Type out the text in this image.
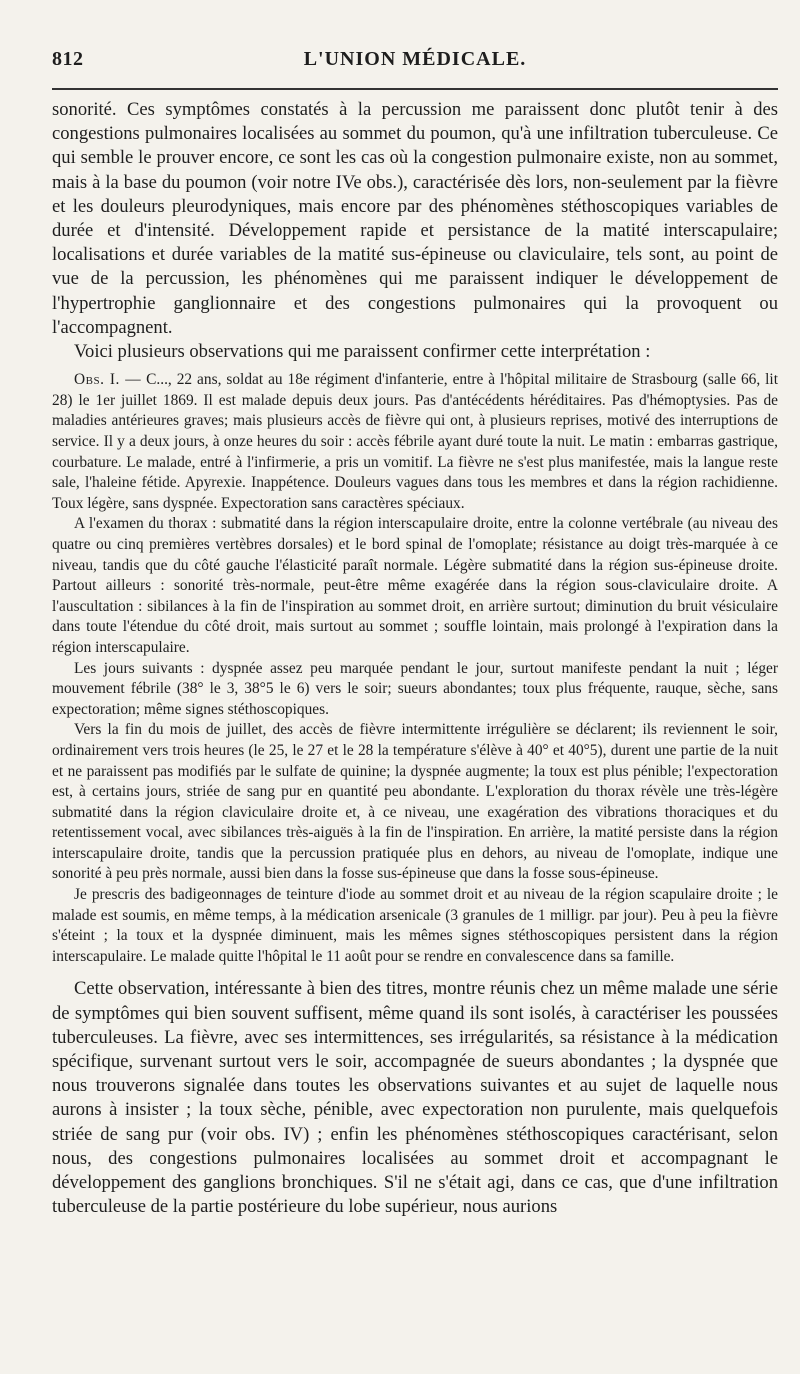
812	L'UNION MÉDICALE.

sonorité. Ces symptômes constatés à la percussion me paraissent donc plutôt tenir à des congestions pulmonaires localisées au sommet du poumon, qu'à une infiltration tuberculeuse. Ce qui semble le prouver encore, ce sont les cas où la congestion pulmonaire existe, non au sommet, mais à la base du poumon (voir notre IVe obs.), caractérisée dès lors, non-seulement par la fièvre et les douleurs pleurodyniques, mais encore par des phénomènes stéthoscopiques variables de durée et d'intensité. Développement rapide et persistance de la matité interscapulaire; localisations et durée variables de la matité sus-épineuse ou claviculaire, tels sont, au point de vue de la percussion, les phénomènes qui me paraissent indiquer le développement de l'hypertrophie ganglionnaire et des congestions pulmonaires qui la provoquent ou l'accompagnent.

Voici plusieurs observations qui me paraissent confirmer cette interprétation :

Obs. I. — C..., 22 ans, soldat au 18e régiment d'infanterie, entre à l'hôpital militaire de Strasbourg (salle 66, lit 28) le 1er juillet 1869. Il est malade depuis deux jours. Pas d'antécédents héréditaires. Pas d'hémoptysies. Pas de maladies antérieures graves; mais plusieurs accès de fièvre qui ont, à plusieurs reprises, motivé des interruptions de service. Il y a deux jours, à onze heures du soir : accès fébrile ayant duré toute la nuit. Le matin : embarras gastrique, courbature. Le malade, entré à l'infirmerie, a pris un vomitif. La fièvre ne s'est plus manifestée, mais la langue reste sale, l'haleine fétide. Apyrexie. Inappétence. Douleurs vagues dans tous les membres et dans la région rachidienne. Toux légère, sans dyspnée. Expectoration sans caractères spéciaux.

A l'examen du thorax : submatité dans la région interscapulaire droite, entre la colonne vertébrale (au niveau des quatre ou cinq premières vertèbres dorsales) et le bord spinal de l'omoplate; résistance au doigt très-marquée à ce niveau, tandis que du côté gauche l'élasticité paraît normale. Légère submatité dans la région sus-épineuse droite. Partout ailleurs : sonorité très-normale, peut-être même exagérée dans la région sous-claviculaire droite. A l'auscultation : sibilances à la fin de l'inspiration au sommet droit, en arrière surtout; diminution du bruit vésiculaire dans toute l'étendue du côté droit, mais surtout au sommet ; souffle lointain, mais prolongé à l'expiration dans la région interscapulaire.

Les jours suivants : dyspnée assez peu marquée pendant le jour, surtout manifeste pendant la nuit ; léger mouvement fébrile (38° le 3, 38°5 le 6) vers le soir; sueurs abondantes; toux plus fréquente, rauque, sèche, sans expectoration; même signes stéthoscopiques.

Vers la fin du mois de juillet, des accès de fièvre intermittente irrégulière se déclarent; ils reviennent le soir, ordinairement vers trois heures (le 25, le 27 et le 28 la température s'élève à 40° et 40°5), durent une partie de la nuit et ne paraissent pas modifiés par le sulfate de quinine; la dyspnée augmente; la toux est plus pénible; l'expectoration est, à certains jours, striée de sang pur en quantité peu abondante. L'exploration du thorax révèle une très-légère submatité dans la région claviculaire droite et, à ce niveau, une exagération des vibrations thoraciques et du retentissement vocal, avec sibilances très-aiguës à la fin de l'inspiration. En arrière, la matité persiste dans la région interscapulaire droite, tandis que la percussion pratiquée plus en dehors, au niveau de l'omoplate, indique une sonorité à peu près normale, aussi bien dans la fosse sus-épineuse que dans la fosse sous-épineuse.

Je prescris des badigeonnages de teinture d'iode au sommet droit et au niveau de la région scapulaire droite ; le malade est soumis, en même temps, à la médication arsenicale (3 granules de 1 milligr. par jour). Peu à peu la fièvre s'éteint ; la toux et la dyspnée diminuent, mais les mêmes signes stéthoscopiques persistent dans la région interscapulaire. Le malade quitte l'hôpital le 11 août pour se rendre en convalescence dans sa famille.

Cette observation, intéressante à bien des titres, montre réunis chez un même malade une série de symptômes qui bien souvent suffisent, même quand ils sont isolés, à caractériser les poussées tuberculeuses. La fièvre, avec ses intermittences, ses irrégularités, sa résistance à la médication spécifique, survenant surtout vers le soir, accompagnée de sueurs abondantes ; la dyspnée que nous trouverons signalée dans toutes les observations suivantes et au sujet de laquelle nous aurons à insister ; la toux sèche, pénible, avec expectoration non purulente, mais quelquefois striée de sang pur (voir obs. IV) ; enfin les phénomènes stéthoscopiques caractérisant, selon nous, des congestions pulmonaires localisées au sommet droit et accompagnant le développement des ganglions bronchiques. S'il ne s'était agi, dans ce cas, que d'une infiltration tuberculeuse de la partie postérieure du lobe supérieur, nous aurions
